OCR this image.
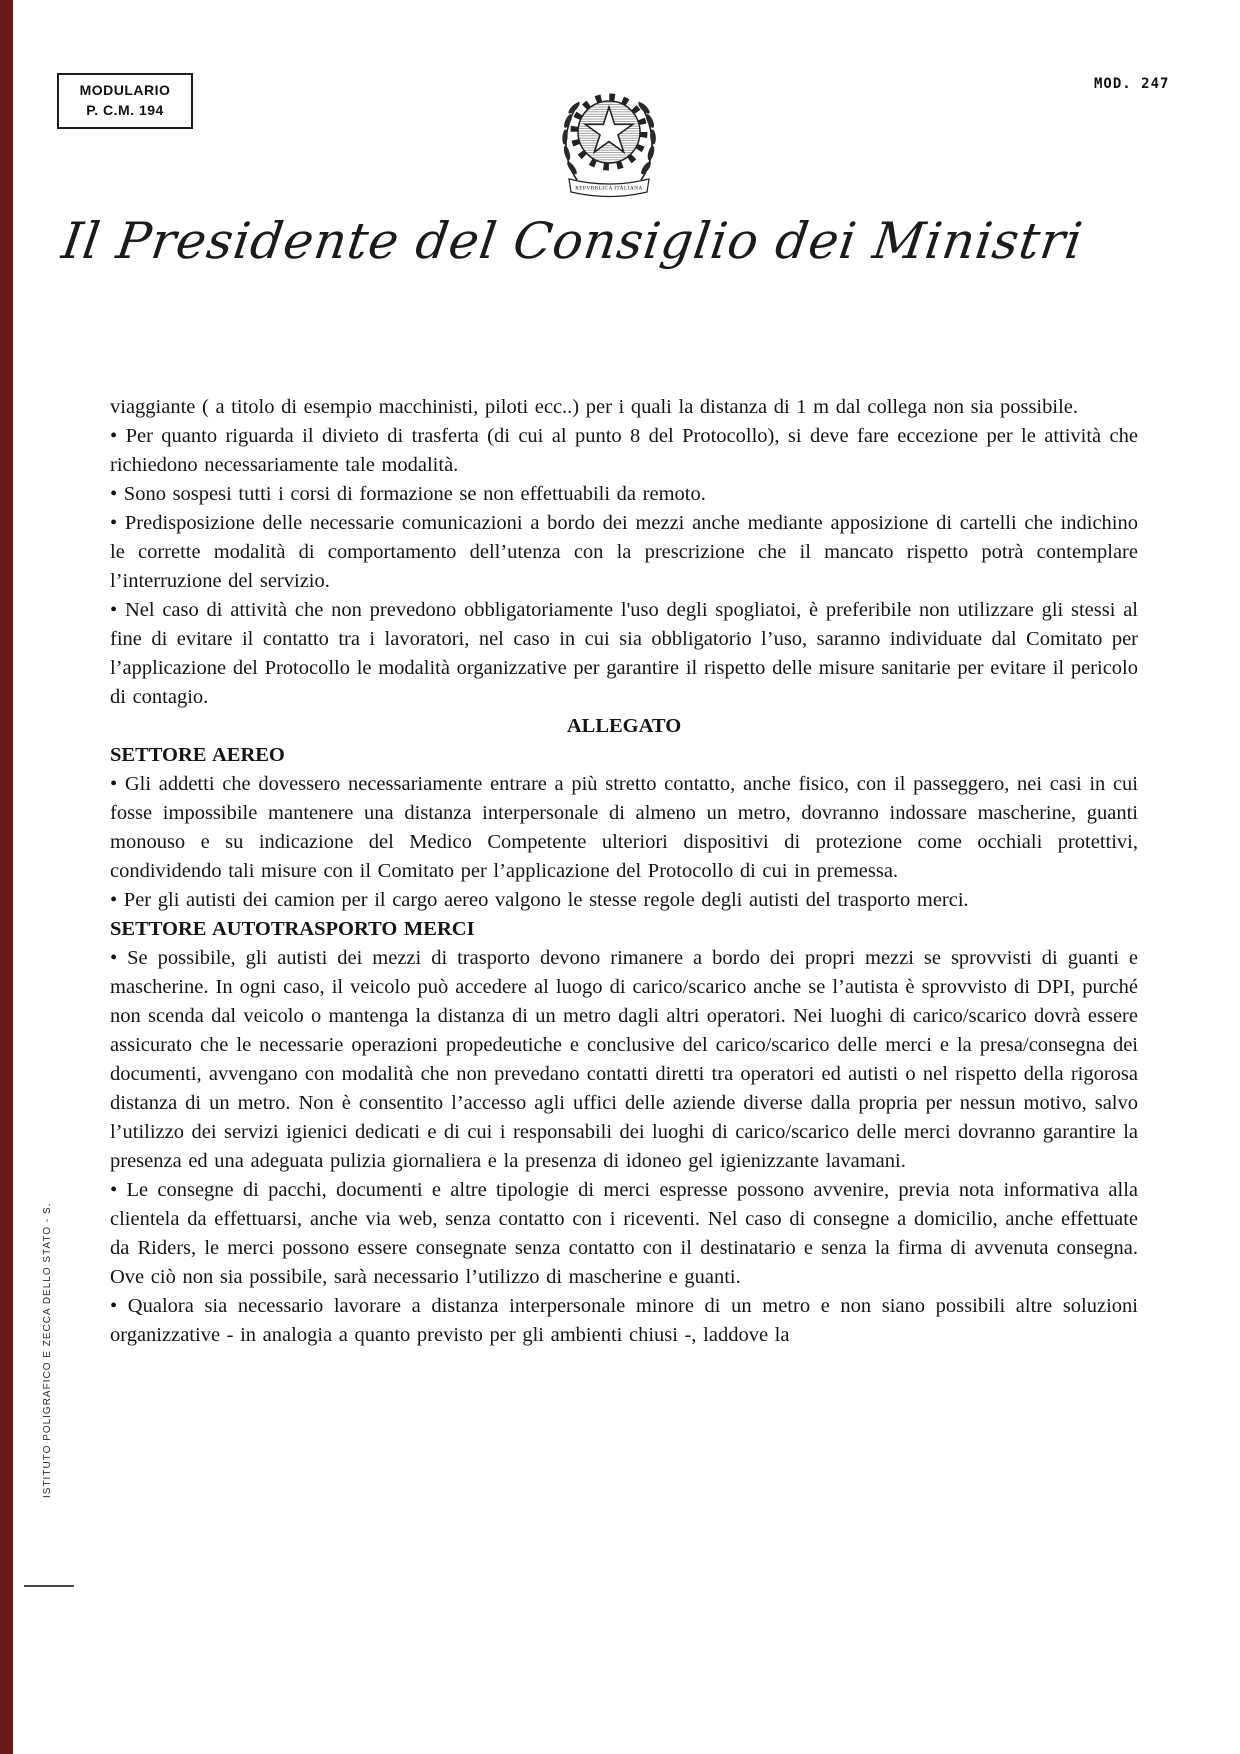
MODULARIO
P. C.M. 194
MOD. 247
REPVBBLICA ITALIANA
Il Presidente del Consiglio dei Ministri

viaggiante ( a titolo di esempio macchinisti, piloti ecc..) per i quali la distanza di 1 m dal collega non sia possibile.

• Per quanto riguarda il divieto di trasferta (di cui al punto 8 del Protocollo), si deve fare eccezione per le attività che richiedono necessariamente tale modalità.

• Sono sospesi tutti i corsi di formazione se non effettuabili da remoto.

• Predisposizione delle necessarie comunicazioni a bordo dei mezzi anche mediante apposizione di cartelli che indichino le corrette modalità di comportamento dell’utenza con la prescrizione che il mancato rispetto potrà contemplare l’interruzione del servizio.

• Nel caso di attività che non prevedono obbligatoriamente l'uso degli spogliatoi, è preferibile non utilizzare gli stessi al fine di evitare il contatto tra i lavoratori, nel caso in cui sia obbligatorio l’uso, saranno individuate dal Comitato per l’applicazione del Protocollo le modalità organizzative per garantire il rispetto delle misure sanitarie per evitare il pericolo di contagio.

ALLEGATO

SETTORE AEREO

• Gli addetti che dovessero necessariamente entrare a più stretto contatto, anche fisico, con il passeggero, nei casi in cui fosse impossibile mantenere una distanza interpersonale di almeno un metro, dovranno indossare mascherine, guanti monouso e su indicazione del Medico Competente ulteriori dispositivi di protezione come occhiali protettivi, condividendo tali misure con il Comitato per l’applicazione del Protocollo di cui in premessa.

• Per gli autisti dei camion per il cargo aereo valgono le stesse regole degli autisti del trasporto merci.

SETTORE AUTOTRASPORTO MERCI

• Se possibile, gli autisti dei mezzi di trasporto devono rimanere a bordo dei propri mezzi se sprovvisti di guanti e mascherine. In ogni caso, il veicolo può accedere al luogo di carico/scarico anche se l’autista è sprovvisto di DPI, purché non scenda dal veicolo o mantenga la distanza di un metro dagli altri operatori. Nei luoghi di carico/scarico dovrà essere assicurato che le necessarie operazioni propedeutiche e conclusive del carico/scarico delle merci e la presa/consegna dei documenti, avvengano con modalità che non prevedano contatti diretti tra operatori ed autisti o nel rispetto della rigorosa distanza di un metro. Non è consentito l’accesso agli uffici delle aziende diverse dalla propria per nessun motivo, salvo l’utilizzo dei servizi igienici dedicati e di cui i responsabili dei luoghi di carico/scarico delle merci dovranno garantire la presenza ed una adeguata pulizia giornaliera e la presenza di idoneo gel igienizzante lavamani.

• Le consegne di pacchi, documenti e altre tipologie di merci espresse possono avvenire, previa nota informativa alla clientela da effettuarsi, anche via web, senza contatto con i riceventi. Nel caso di consegne a domicilio, anche effettuate da Riders, le merci possono essere consegnate senza contatto con il destinatario e senza la firma di avvenuta consegna. Ove ciò non sia possibile, sarà necessario l’utilizzo di mascherine e guanti.

• Qualora sia necessario lavorare a distanza interpersonale minore di un metro e non siano possibili altre soluzioni organizzative - in analogia a quanto previsto per gli ambienti chiusi -, laddove la

ISTITUTO POLIGRAFICO E ZECCA DELLO STATO - S.
